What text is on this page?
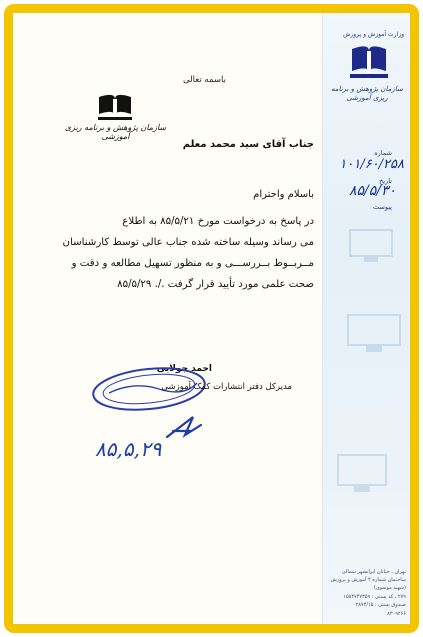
وزارت آموزش و پرورش
سازمان پژوهش و برنامه ریزی آموزشی
شماره
۱۰۱/۶۰/۲۵۸
تاریخ
۸۵/۵/۳۰
پیوست
تهران ، خیابان ایرانشهر شمالی
ساختمان شماره ۴ آموزش و پرورش
(شهید موسوی)
۲۷۹ ، کد پستی : ۱۵۸۴۷۴۷۳۵۹
صندوق پستی : ۲۸۷۴/۱۵
۸۳۰۹۲۶۶
باسمه تعالی
سازمان پژوهش و برنامه ریزی آموزشی
جناب آقای سید محمد معلم
باسلام واحترام
در پاسخ به درخواست مورخ ۸۵/۵/۲۱ به اطلاع
می رساند وسیله ساخته شده جناب عالی توسط کارشناسان
مــربــوط بــررســـی و به منظور تسهیل مطالعه و دقت و
صحت علمی مورد تأیید قرار گرفت ./. ۸۵/۵/۲۹
احمد جولایی
مدیرکل دفتر انتشارات کمک آموزشی
۸۵,۵,۲۹
